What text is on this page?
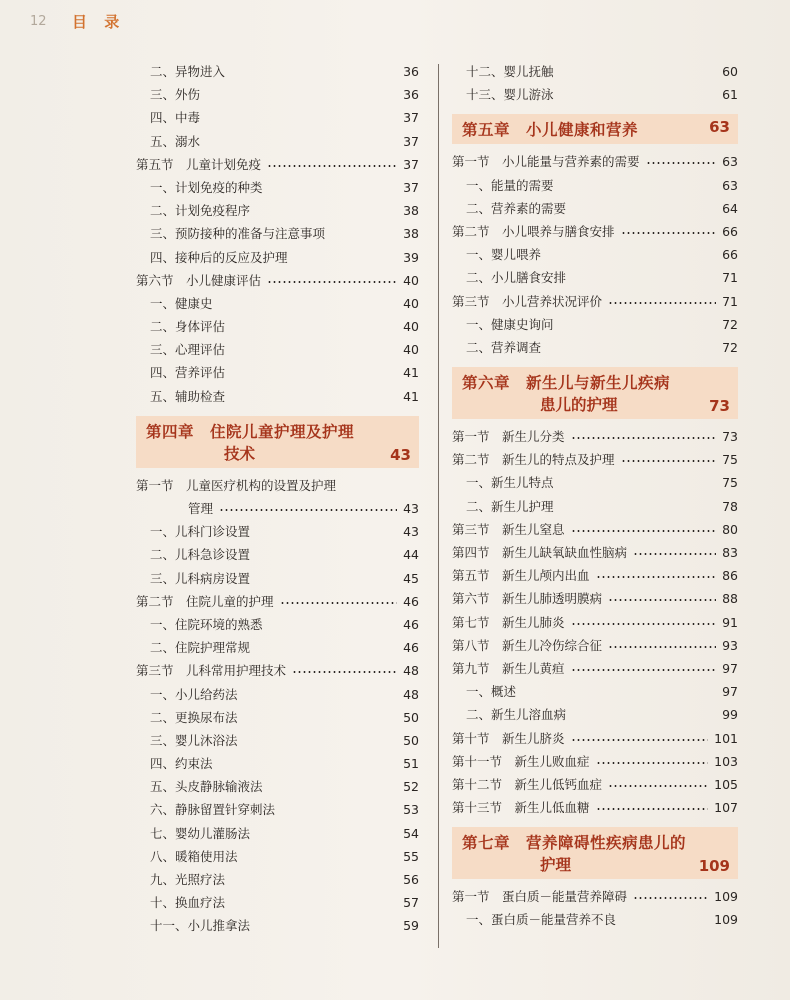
12 目 录
二、异物进入	36
三、外伤	36
四、中毒	37
五、溺水	37
第五节　儿童计划免疫	37
一、计划免疫的种类	37
二、计划免疫程序	38
三、预防接种的准备与注意事项	38
四、接种后的反应及护理	39
第六节　小儿健康评估	40
一、健康史	40
二、身体评估	40
三、心理评估	40
四、营养评估	41
五、辅助检查	41
第四章　住院儿童护理及护理
技术	43
第一节　儿童医疗机构的设置及护理
管理	43
一、儿科门诊设置	43
二、儿科急诊设置	44
三、儿科病房设置	45
第二节　住院儿童的护理	46
一、住院环境的熟悉	46
二、住院护理常规	46
第三节　儿科常用护理技术	48
一、小儿给药法	48
二、更换尿布法	50
三、婴儿沐浴法	50
四、约束法	51
五、头皮静脉输液法	52
六、静脉留置针穿刺法	53
七、婴幼儿灌肠法	54
八、暖箱使用法	55
九、光照疗法	56
十、换血疗法	57
十一、小儿推拿法	59
十二、婴儿抚触	60
十三、婴儿游泳	61
第五章　小儿健康和营养	63
第一节　小儿能量与营养素的需要	63
一、能量的需要	63
二、营养素的需要	64
第二节　小儿喂养与膳食安排	66
一、婴儿喂养	66
二、小儿膳食安排	71
第三节　小儿营养状况评价	71
一、健康史询问	72
二、营养调查	72
第六章　新生儿与新生儿疾病
患儿的护理	73
第一节　新生儿分类	73
第二节　新生儿的特点及护理	75
一、新生儿特点	75
二、新生儿护理	78
第三节　新生儿窒息	80
第四节　新生儿缺氧缺血性脑病	83
第五节　新生儿颅内出血	86
第六节　新生儿肺透明膜病	88
第七节　新生儿肺炎	91
第八节　新生儿冷伤综合征	93
第九节　新生儿黄疸	97
一、概述	97
二、新生儿溶血病	99
第十节　新生儿脐炎	101
第十一节　新生儿败血症	103
第十二节　新生儿低钙血症	105
第十三节　新生儿低血糖	107
第七章　营养障碍性疾病患儿的
护理	109
第一节　蛋白质－能量营养障碍	109
一、蛋白质－能量营养不良	109
